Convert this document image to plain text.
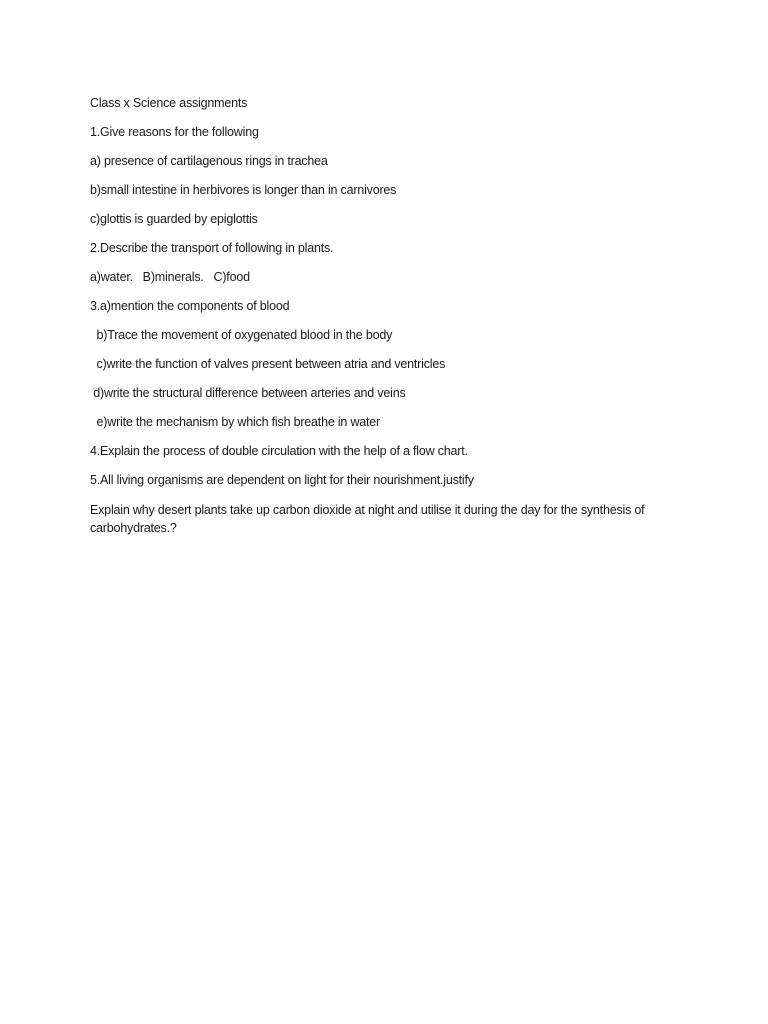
Class x Science assignments
1.Give reasons for the following
a) presence of cartilagenous rings in trachea
b)small intestine in herbivores is longer than in carnivores
c)glottis is guarded by epiglottis
2.Describe the transport of following in plants.
a)water.   B)minerals.   C)food
3.a)mention the components of blood
b)Trace the movement of oxygenated blood in the body
c)write the function of valves present between atria and ventricles
d)write the structural difference between arteries and veins
e)write the mechanism by which fish breathe in water
4.Explain the process of double circulation with the help of a flow chart.
5.All living organisms are dependent on light for their nourishment.justify
Explain why desert plants take up carbon dioxide at night and utilise it during the day for the synthesis of carbohydrates.?
